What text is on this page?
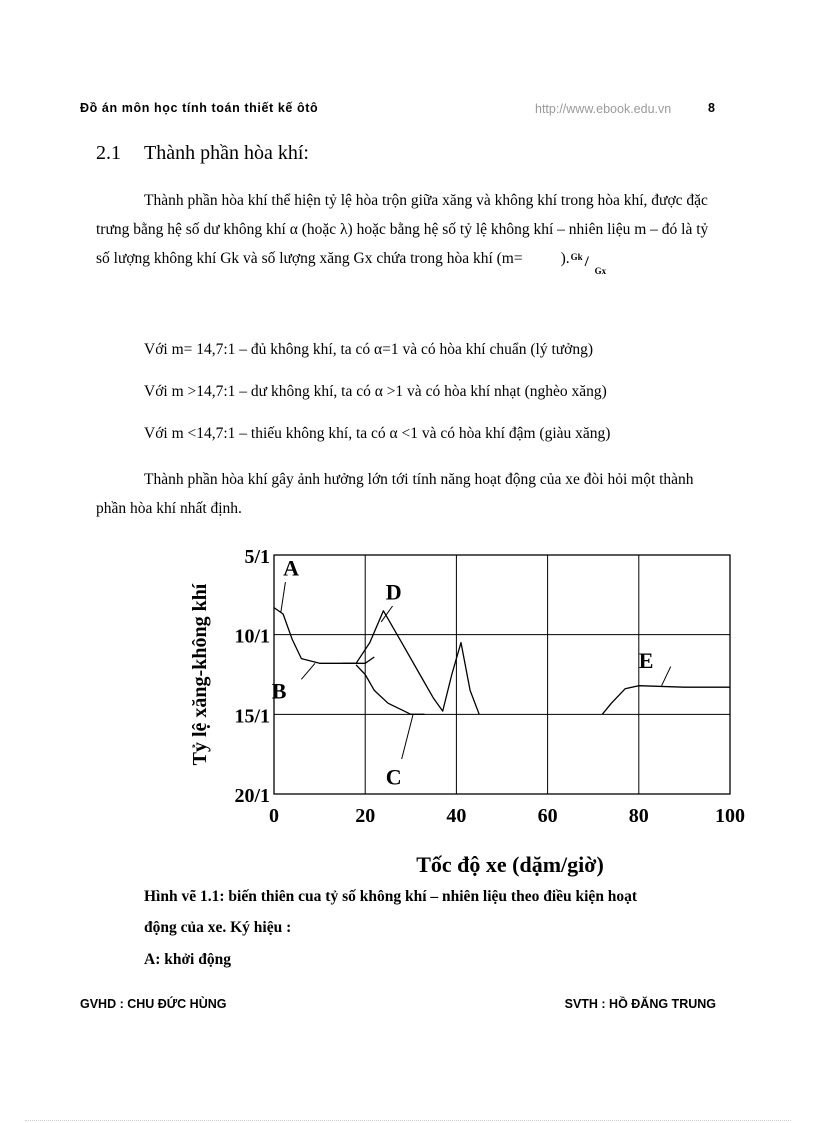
Đồ án môn học tính toán thiết kế ôtô	http://www.ebook.edu.vn	8
2.1 Thành phần hòa khí:
Thành phần hòa khí thể hiện tỷ lệ hòa trộn giữa xăng và không khí trong hòa khí, được đặc trưng bằng hệ số dư không khí α (hoặc λ) hoặc bằng hệ số tỷ lệ không khí – nhiên liệu m – đó là tỷ số lượng không khí Gk và số lượng xăng Gx chứa trong hòa khí (m=	Gk /
Gx
).
Với m= 14,7:1 – đủ không khí, ta có α=1 và có hòa khí chuẩn (lý tưởng)
Với m >14,7:1 – dư không khí, ta có α >1 và có hòa khí nhạt (nghèo xăng)
Với m <14,7:1 – thiếu không khí, ta có α <1 và có hòa khí đậm (giàu xăng)
Thành phần hòa khí gây ảnh hưởng lớn tới tính năng hoạt động của xe đòi hỏi một thành phần hòa khí nhất định.
0	20	40	60	80	100
5/1
10/1
15/1
20/1
A
B
C
D
E
Tỷ lệ xăng-không khí
Tốc độ xe (dặm/giờ)
Hình vẽ 1.1: biến thiên cua tỷ số không khí – nhiên liệu theo điều kiện hoạt
động của xe. Ký hiệu :
A: khởi động
GVHD : CHU ĐỨC HÙNG	SVTH : HỒ ĐĂNG TRUNG
